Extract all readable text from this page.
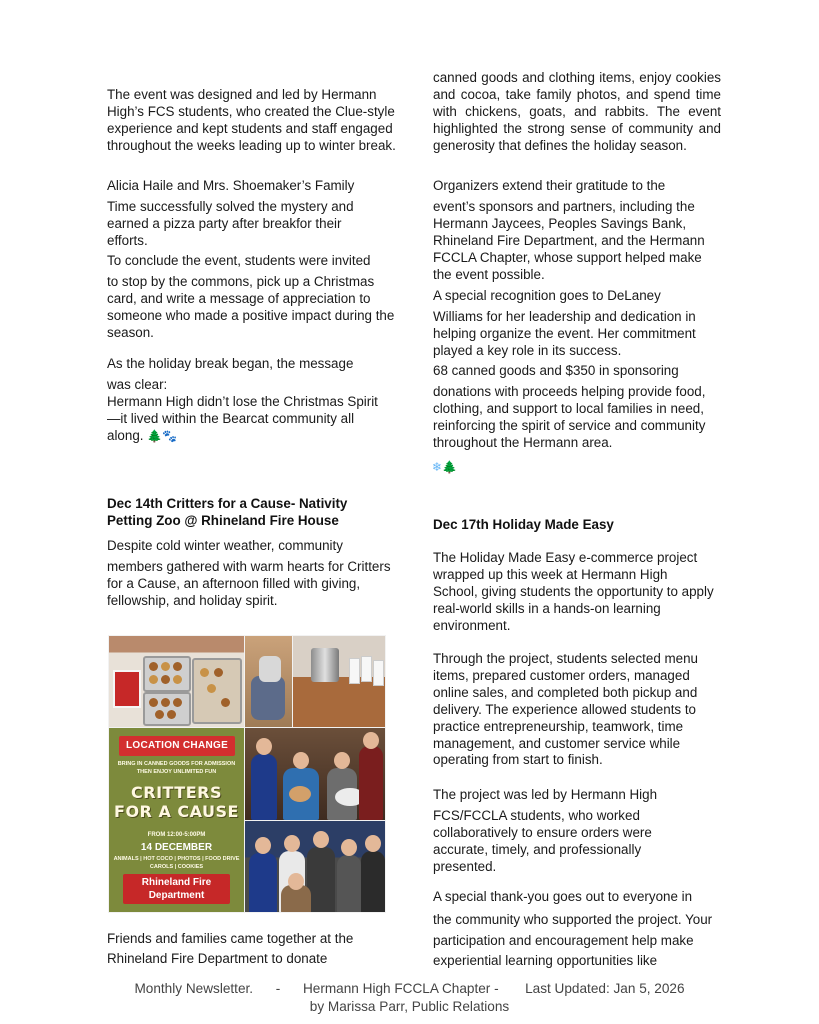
The event was designed and led by Hermann High’s FCS students, who created the Clue-style experience and kept students and staff engaged throughout the weeks leading up to winter break.

Alicia Haile and Mrs. Shoemaker’s Family

Time successfully solved the mystery and earned a pizza party after breakfor their efforts.

To conclude the event, students were invited

to stop by the commons, pick up a Christmas card, and write a message of appreciation to someone who made a positive impact during the season.

As the holiday break began, the message

was clear:

Hermann High didn’t lose the Christmas Spirit—it lived within the Bearcat community all along. 🌲🐾

Dec 14th Critters for a Cause- Nativity Petting Zoo @ Rhineland Fire House

Despite cold winter weather, community

members gathered with warm hearts for Critters for a Cause, an afternoon filled with giving, fellowship, and holiday spirit.

LOCATION CHANGE
BRING IN CANNED GOODS FOR ADMISSION
THEN ENJOY UNLIMITED FUN
CRITTERS FOR A CAUSE
FROM 12:00-5:00PM
14 DECEMBER
ANIMALS | HOT COCO | PHOTOS | FOOD DRIVE
CAROLS | COOKIES
Rhineland Fire Department

Friends and families came together at the

Rhineland Fire Department to donate

canned goods and clothing items, enjoy cookies and cocoa, take family photos, and spend time with chickens, goats, and rabbits. The event highlighted the strong sense of community and generosity that defines the holiday season.

Organizers extend their gratitude to the

event’s sponsors and partners, including the Hermann Jaycees, Peoples Savings Bank, Rhineland Fire Department, and the Hermann FCCLA Chapter, whose support helped make the event possible.

A special recognition goes to DeLaney

Williams for her leadership and dedication in helping organize the event. Her commitment played a key role in its success.

68 canned goods and $350 in sponsoring

donations with proceeds helping provide food, clothing, and support to local families in need, reinforcing the spirit of service and community throughout the Hermann area.

❄🌲

Dec 17th Holiday Made Easy

The Holiday Made Easy e-commerce project wrapped up this week at Hermann High School, giving students the opportunity to apply real-world skills in a hands-on learning environment.

Through the project, students selected menu items, prepared customer orders, managed online sales, and completed both pickup and delivery. The experience allowed students to practice entrepreneurship, teamwork, time management, and customer service while operating from start to finish.

The project was led by Hermann High

FCS/FCCLA students, who worked collaboratively to ensure orders were accurate, timely, and professionally presented.

A special thank-you goes out to everyone in

the community who supported the project. Your participation and encouragement help make experiential learning opportunities like

Monthly Newsletter. - Hermann High FCCLA Chapter - Last Updated: Jan 5, 2026
by Marissa Parr, Public Relations
